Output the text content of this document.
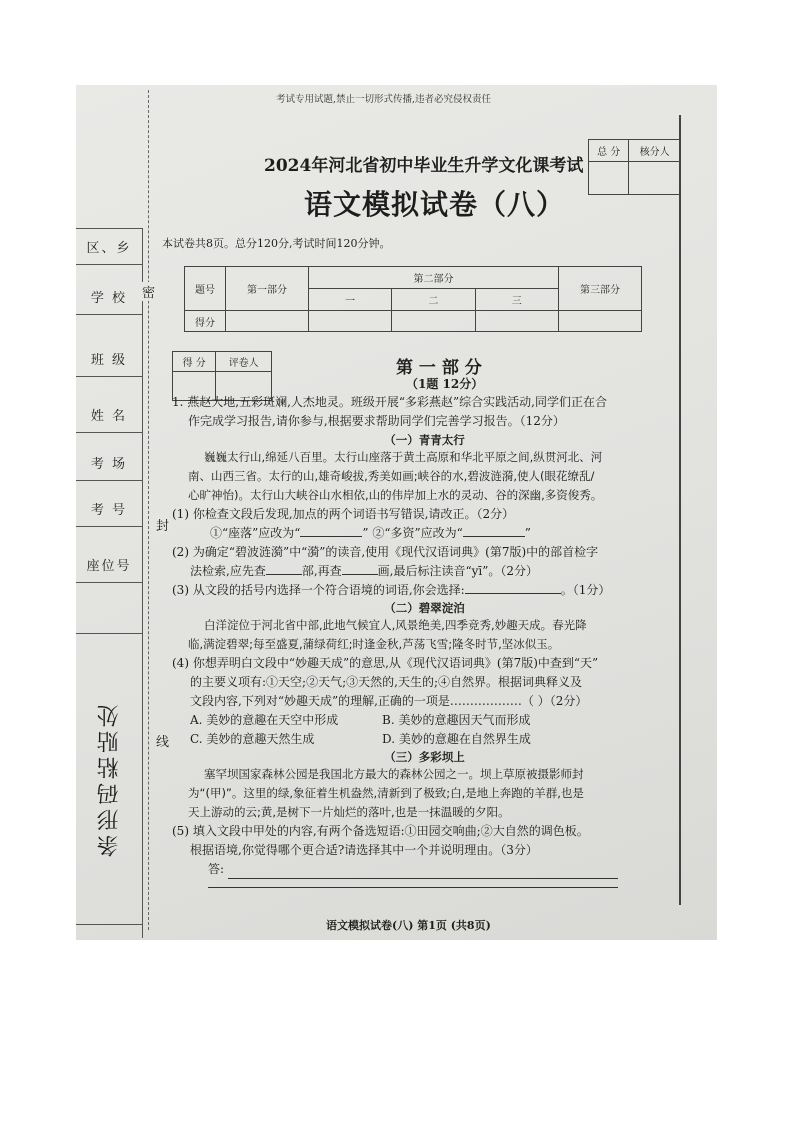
考试专用试题,禁止一切形式传播,违者必究侵权责任
区、乡
学 校
班 级
姓 名
考 场
考 号
座位号
条形码粘贴处
密
封
线
2024年河北省初中毕业生升学文化课考试
语文模拟试卷（八）
本试卷共8页。总分120分,考试时间120分钟。
总 分	核分人

题号	第一部分	第二部分			第三部分
		一	二	三	
得分					
得 分	评卷人
		第 一 部 分
（1题 12分）
1. 燕赵大地,五彩斑斓,人杰地灵。班级开展“多彩燕赵”综合实践活动,同学们正在合
作完成学习报告,请你参与,根据要求帮助同学们完善学习报告。（12分）
（一）青青太行
巍巍太行山,绵延八百里。太行山座落于黄土高原和华北平原之间,纵贯河北、河
南、山西三省。太行的山,雄奇峻拔,秀美如画;峡谷的水,碧波涟漪,使人(眼花缭乱/
心旷神怡)。太行山大峡谷山水相依,山的伟岸加上水的灵动、谷的深幽,多资俊秀。
(1) 你检查文段后发现,加点的两个词语书写错误,请改正。（2分）
①“座落”应改为“	” ②“多资”应改为“	”
(2) 为确定“碧波涟漪”中“漪”的读音,使用《现代汉语词典》(第7版)中的部首检字
法检索,应先查	部,再查	画,最后标注读音“yī”。（2分）
(3) 从文段的括号内选择一个符合语境的词语,你会选择:	。（1分）
（二）碧翠淀泊
白洋淀位于河北省中部,此地气候宜人,风景绝美,四季竞秀,妙趣天成。春光降
临,满淀碧翠;每至盛夏,蒲绿荷红;时逢金秋,芦荡飞雪;隆冬时节,坚冰似玉。
(4) 你想弄明白文段中“妙趣天成”的意思,从《现代汉语词典》(第7版)中查到“天”
的主要义项有:①天空;②天气;③天然的,天生的;④自然界。根据词典释义及
文段内容,下列对“妙趣天成”的理解,正确的一项是………………（ ）（2分）
A. 美妙的意趣在天空中形成	B. 美妙的意趣因天气而形成
C. 美妙的意趣天然生成	D. 美妙的意趣在自然界生成
（三）多彩坝上
塞罕坝国家森林公园是我国北方最大的森林公园之一。坝上草原被摄影师封
为“(甲)”。这里的绿,象征着生机盎然,清新到了极致;白,是地上奔跑的羊群,也是
天上游动的云;黄,是树下一片灿烂的落叶,也是一抹温暖的夕阳。
(5) 填入文段中甲处的内容,有两个备选短语:①田园交响曲;②大自然的调色板。
根据语境,你觉得哪个更合适?请选择其中一个并说明理由。（3分）
答:
语文模拟试卷(八) 第1页 (共8页)
